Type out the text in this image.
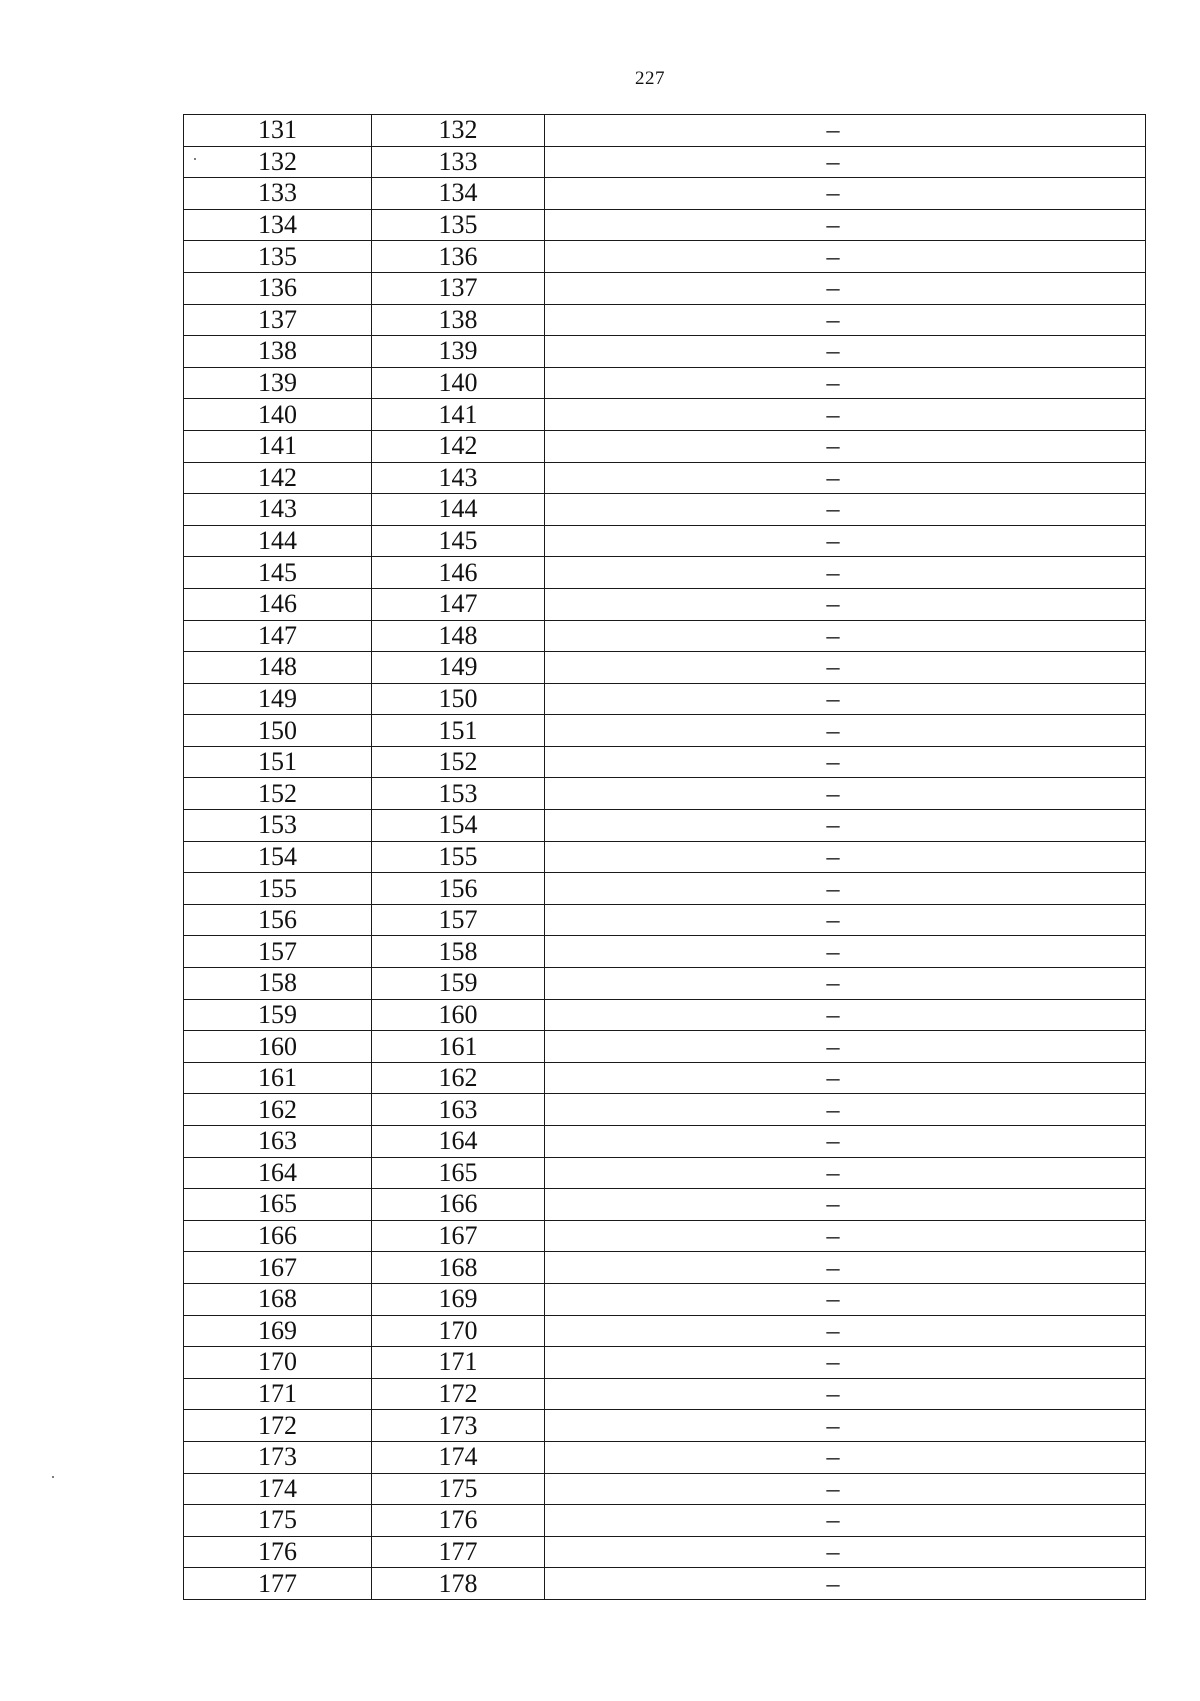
227
131	132	–
132	133	–
133	134	–
134	135	–
135	136	–
136	137	–
137	138	–
138	139	–
139	140	–
140	141	–
141	142	–
142	143	–
143	144	–
144	145	–
145	146	–
146	147	–
147	148	–
148	149	–
149	150	–
150	151	–
151	152	–
152	153	–
153	154	–
154	155	–
155	156	–
156	157	–
157	158	–
158	159	–
159	160	–
160	161	–
161	162	–
162	163	–
163	164	–
164	165	–
165	166	–
166	167	–
167	168	–
168	169	–
169	170	–
170	171	–
171	172	–
172	173	–
173	174	–
174	175	–
175	176	–
176	177	–
177	178	–
